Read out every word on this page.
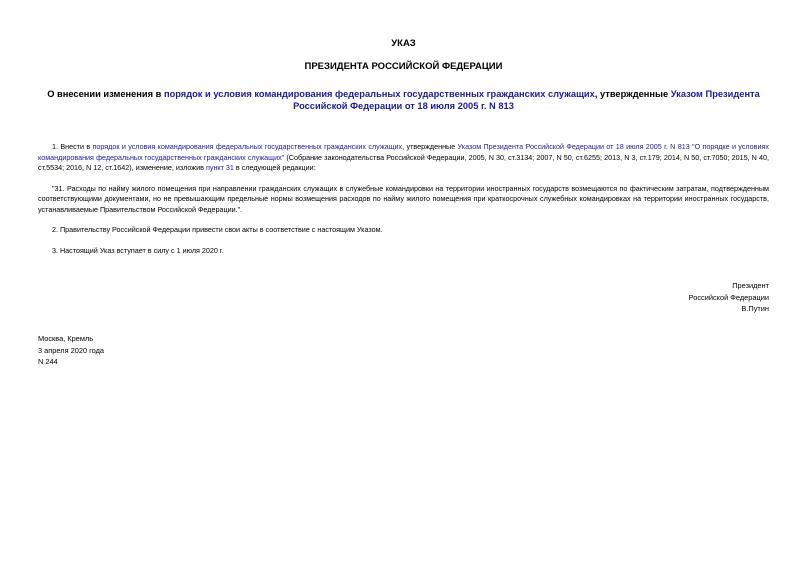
УКАЗ
ПРЕЗИДЕНТА РОССИЙСКОЙ ФЕДЕРАЦИИ
О внесении изменения в порядок и условия командирования федеральных государственных гражданских служащих, утвержденные Указом Президента Российской Федерации от 18 июля 2005 г. N 813

1. Внести в порядок и условия командирования федеральных государственных гражданских служащих, утвержденные Указом Президента Российской Федерации от 18 июля 2005 г. N 813 "О порядке и условиях командирования федеральных государственных гражданских служащих" (Собрание законодательства Российской Федерации, 2005, N 30, ст.3134; 2007, N 50, ст.6255; 2013, N 3, ст.179; 2014, N 50, ст.7050; 2015, N 40, ст.5534; 2016, N 12, ст.1642), изменение, изложив пункт 31 в следующей редакции:

"31. Расходы по найму жилого помещения при направлении гражданских служащих в служебные командировки на территории иностранных государств возмещаются по фактическим затратам, подтвержденным соответствующими документами, но не превышающим предельные нормы возмещения расходов по найму жилого помещения при краткосрочных служебных командировках на территории иностранных государств, устанавливаемые Правительством Российской Федерации.".

2. Правительству Российской Федерации привести свои акты в соответствие с настоящим Указом.

3. Настоящий Указ вступает в силу с 1 июля 2020 г.

Президент
Российской Федерации
В.Путин
Москва, Кремль
3 апреля 2020 года
N 244
